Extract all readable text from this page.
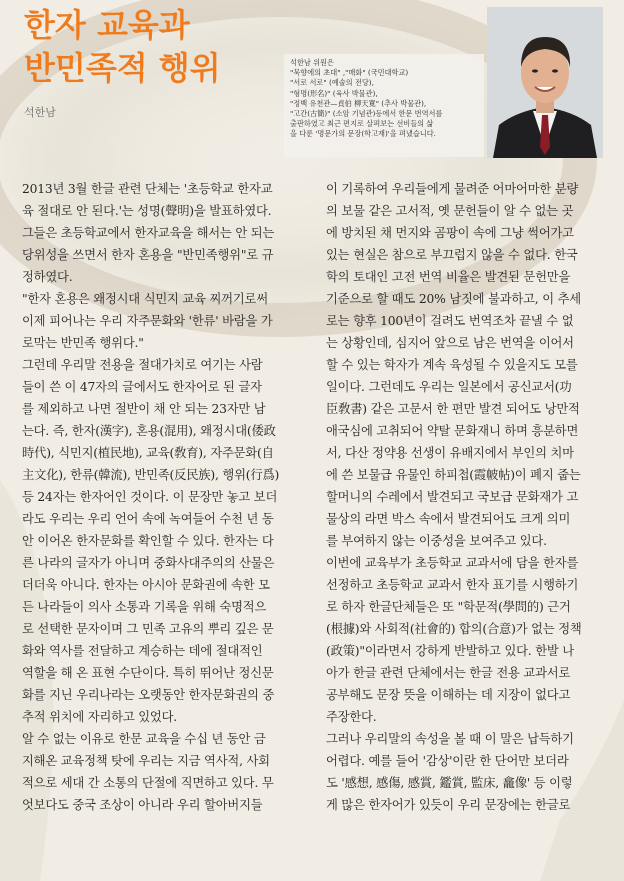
한자 교육과
반민족적 행위
석한남
석한남 위원은
"묵향에의 초대" ,"매화" (국민대학교)
"서로 서로" (예술의 전당),
"형명(形名)" (육사 박물관),
"정백 유천관—貞伯 柳天寬" (추사 박물관),
"고간(古簡)" (소암 기념관)등에서 한문 번역서를
출판하였고 최근 편지로 살펴보는 선비들의 삶
을 다룬 '명문가의 문장(학고재)'을 펴냈습니다.
2013년 3월 한글 관련 단체는 '초등학교 한자교
육 절대로 안 된다.'는 성명(聲明)을 발표하였다.
그들은 초등학교에서 한자교육을 해서는 안 되는
당위성을 쓰면서 한자 혼용을 "반민족행위"로 규
정하였다.
"한자 혼용은 왜정시대 식민지 교육 찌꺼기로써
이제 피어나는 우리 자주문화와 '한류' 바람을 가
로막는 반민족 행위다."
그런데 우리말 전용을 절대가치로 여기는 사람
들이 쓴 이 47자의 글에서도 한자어로 된 글자
를 제외하고 나면 절반이 채 안 되는 23자만 남
는다. 즉, 한자(漢字), 혼용(混用), 왜정시대(倭政
時代), 식민지(植民地), 교육(敎育), 자주문화(自
主文化), 한류(韓流), 반민족(反民族), 행위(行爲)
등 24자는 한자어인 것이다. 이 문장만 놓고 보더
라도 우리는 우리 언어 속에 녹여들어 수천 년 동
안 이어온 한자문화를 확인할 수 있다. 한자는 다
른 나라의 글자가 아니며 중화사대주의의 산물은
더더욱 아니다. 한자는 아시아 문화권에 속한 모
든 나라들이 의사 소통과 기록을 위해 숙명적으
로 선택한 문자이며 그 민족 고유의 뿌리 깊은 문
화와 역사를 전달하고 계승하는 데에 절대적인
역할을 해 온 표현 수단이다. 특히 뛰어난 정신문
화를 지닌 우리나라는 오랫동안 한자문화권의 중
추적 위치에 자리하고 있었다.
알 수 없는 이유로 한문 교육을 수십 년 동안 금
지해온 교육정책 탓에 우리는 지금 역사적, 사회
적으로 세대 간 소통의 단절에 직면하고 있다. 무
엇보다도 중국 조상이 아니라 우리 할아버지들
이 기록하여 우리들에게 물려준 어마어마한 분량
의 보물 같은 고서적, 옛 문헌들이 알 수 없는 곳
에 방치된 채 먼지와 곰팡이 속에 그냥 썩어가고
있는 현실은 참으로 부끄럽지 않을 수 없다. 한국
학의 토대인 고전 번역 비율은 발견된 문헌만을
기준으로 할 때도 20% 남짓에 불과하고, 이 추세
로는 향후 100년이 걸려도 번역조차 끝낼 수 없
는 상황인데, 심지어 앞으로 남은 번역을 이어서
할 수 있는 학자가 계속 육성될 수 있을지도 모를
일이다. 그런데도 우리는 일본에서 공신교서(功
臣敎書) 같은 고문서 한 편만 발견 되어도 낭만적
애국심에 고취되어 약탈 문화재니 하며 흥분하면
서, 다산 정약용 선생이 유배지에서 부인의 치마
에 쓴 보물급 유물인 하피첩(霞帔帖)이 폐지 줍는
할머니의 수레에서 발견되고 국보급 문화재가 고
물상의 라면 박스 속에서 발견되어도 크게 의미
를 부여하지 않는 이중성을 보여주고 있다.
이번에 교육부가 초등학교 교과서에 담을 한자를
선정하고 초등학교 교과서 한자 표기를 시행하기
로 하자 한글단체들은 또 "학문적(學問的) 근거
(根據)와 사회적(社會的) 합의(合意)가 없는 정책
(政策)"이라면서 강하게 반발하고 있다. 한발 나
아가 한글 관련 단체에서는 한글 전용 교과서로
공부해도 문장 뜻을 이해하는 데 지장이 없다고
주장한다.
그러나 우리말의 속성을 볼 때 이 말은 납득하기
어렵다. 예를 들어 '감상'이란 한 단어만 보더라
도 '感想, 感傷, 感賞, 鑑賞, 監床, 龕像' 등 이렇
게 많은 한자어가 있듯이 우리 문장에는 한글로
